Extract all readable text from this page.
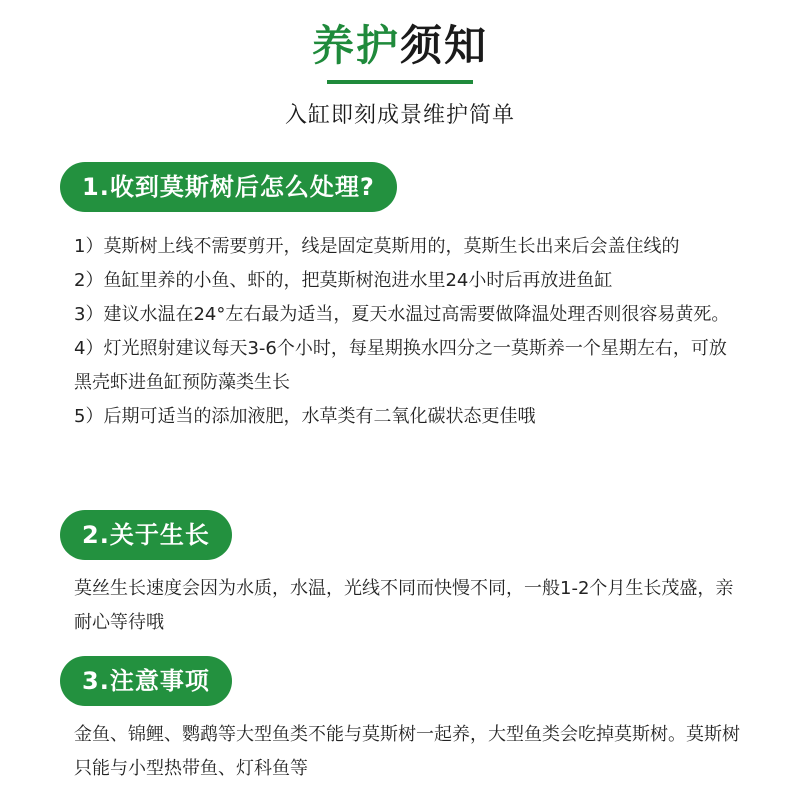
养护须知
入缸即刻成景维护简单
1.收到莫斯树后怎么处理?
1）莫斯树上线不需要剪开，线是固定莫斯用的，莫斯生长出来后会盖住线的
2）鱼缸里养的小鱼、虾的，把莫斯树泡进水里24小时后再放进鱼缸
3）建议水温在24°左右最为适当，夏天水温过高需要做降温处理否则很容易黄死。
4）灯光照射建议每天3-6个小时，每星期换水四分之一莫斯养一个星期左右，可放黑壳虾进鱼缸预防藻类生长
5）后期可适当的添加液肥，水草类有二氧化碳状态更佳哦
2.关于生长
莫丝生长速度会因为水质，水温，光线不同而快慢不同，一般1-2个月生长茂盛，亲耐心等待哦
3.注意事项
金鱼、锦鲤、鹦鹉等大型鱼类不能与莫斯树一起养，大型鱼类会吃掉莫斯树。莫斯树只能与小型热带鱼、灯科鱼等
